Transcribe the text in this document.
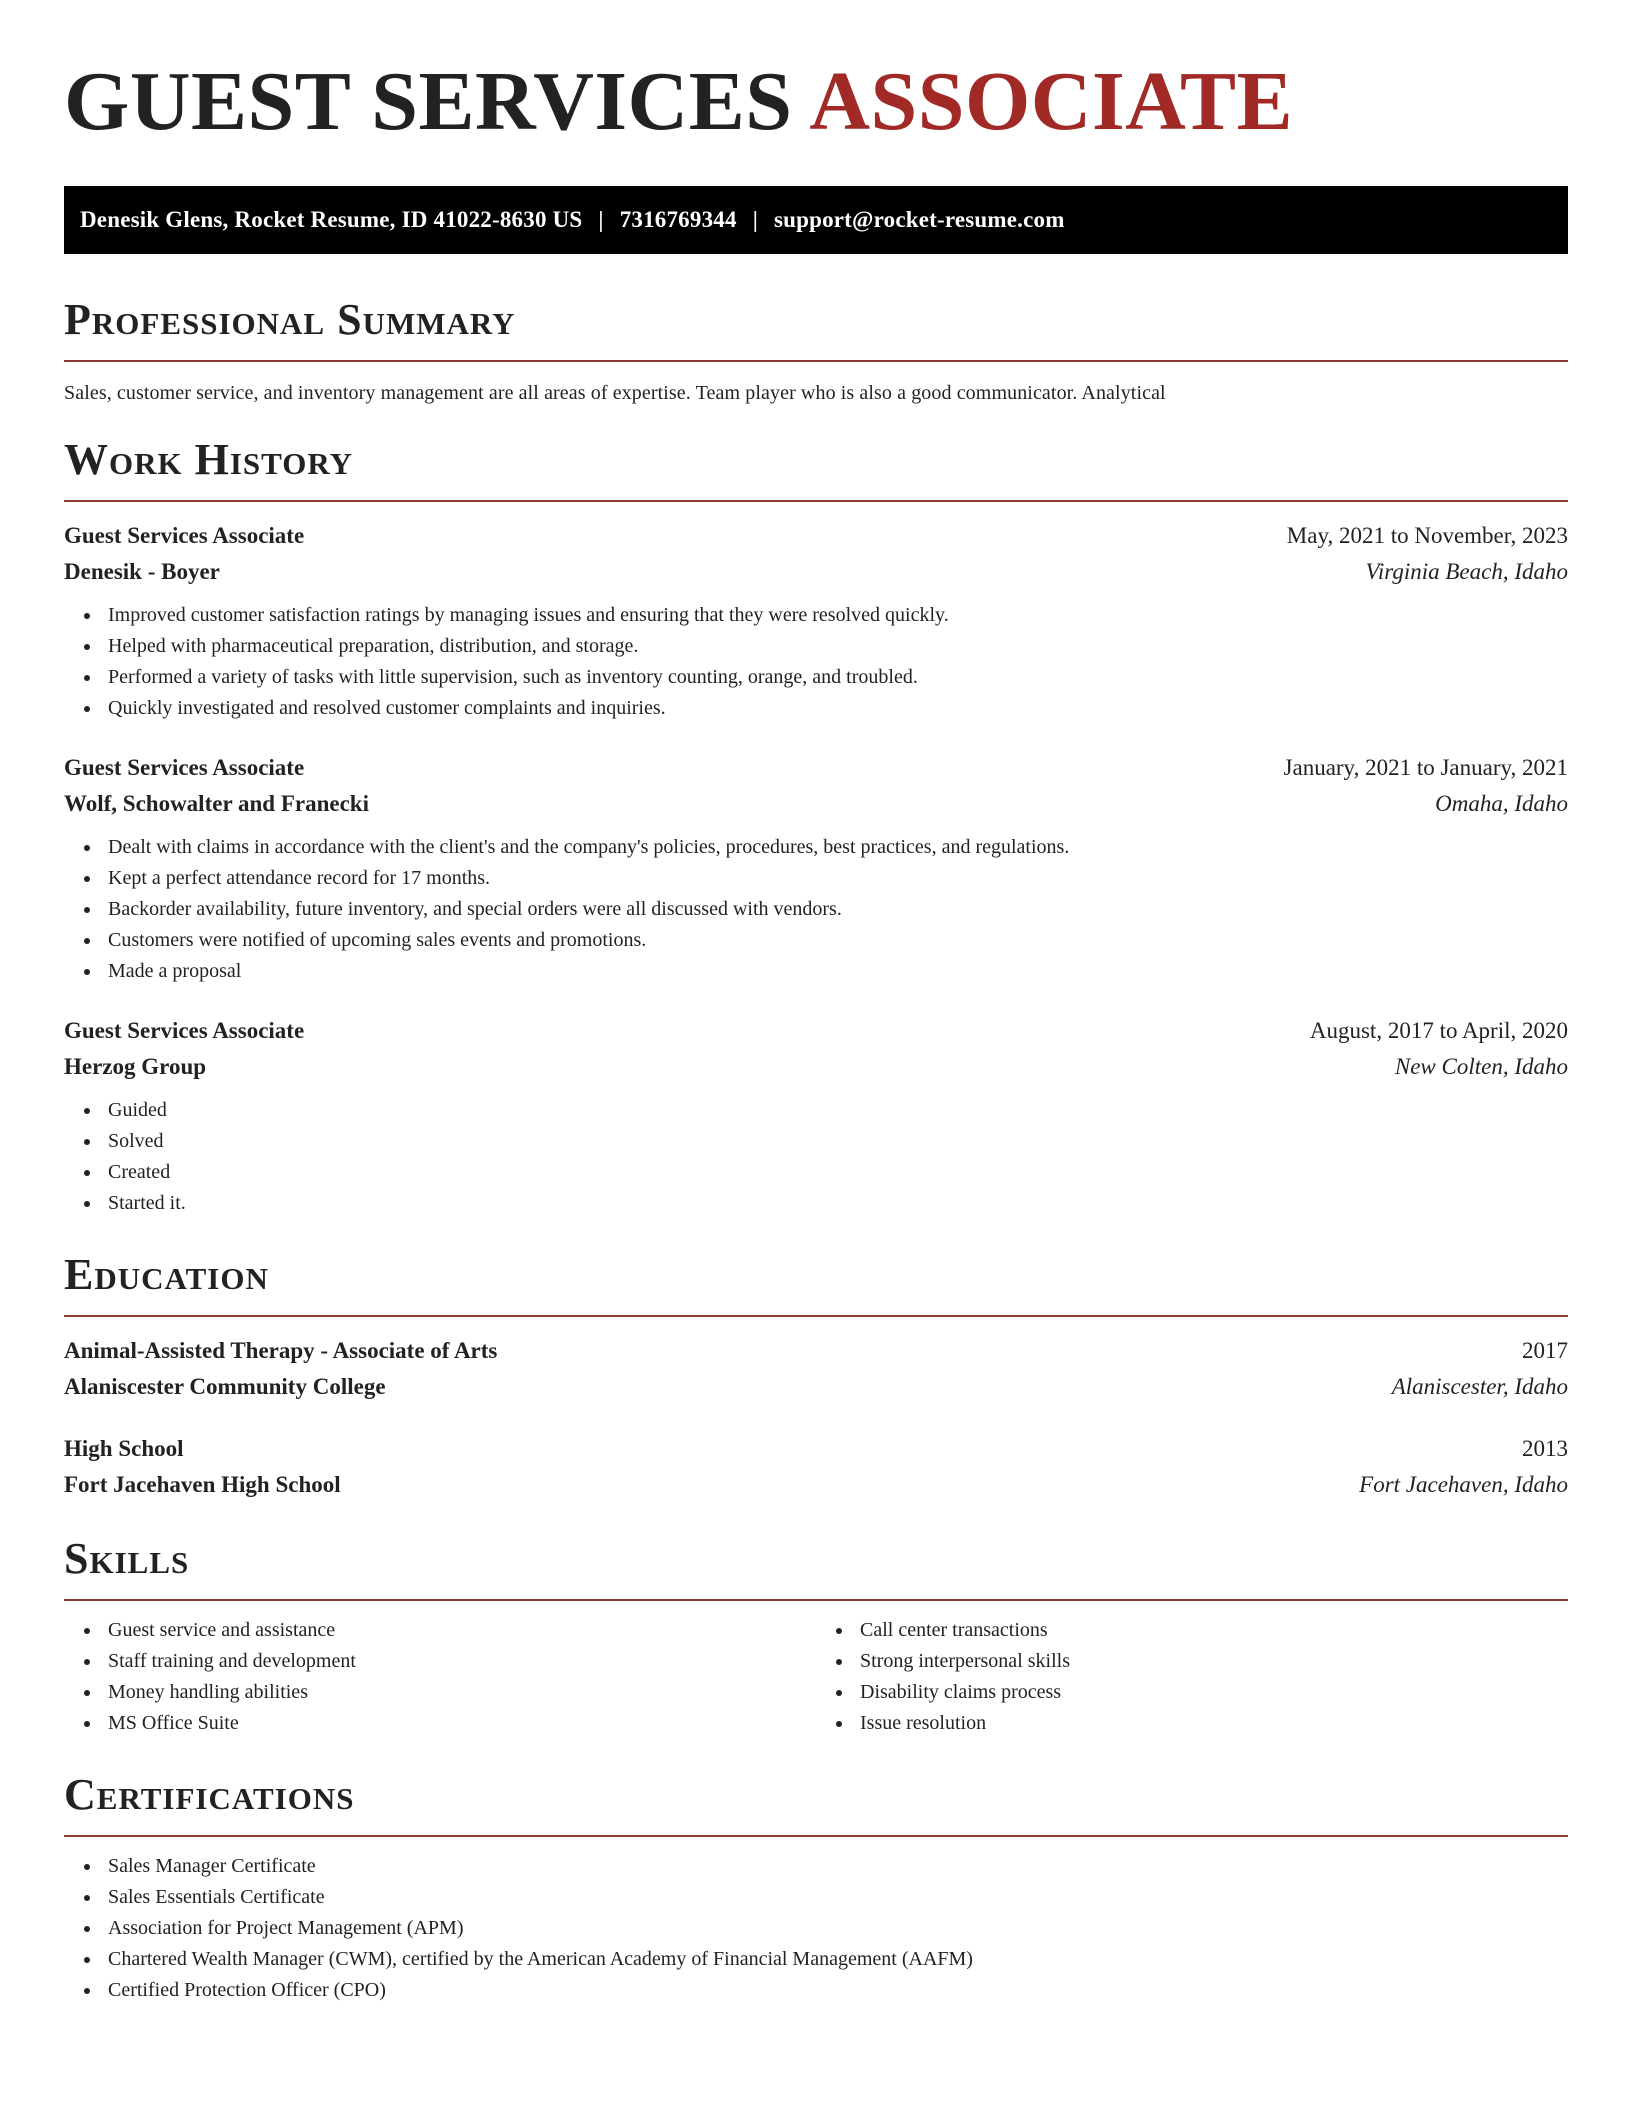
GUEST SERVICES ASSOCIATE
Denesik Glens, Rocket Resume, ID 41022-8630 US | 7316769344 | support@rocket-resume.com
Professional Summary
Sales, customer service, and inventory management are all areas of expertise. Team player who is also a good communicator. Analytical
Work History
Guest Services Associate	May, 2021 to November, 2023
Denesik - Boyer	Virginia Beach, Idaho
Improved customer satisfaction ratings by managing issues and ensuring that they were resolved quickly.
Helped with pharmaceutical preparation, distribution, and storage.
Performed a variety of tasks with little supervision, such as inventory counting, orange, and troubled.
Quickly investigated and resolved customer complaints and inquiries.
Guest Services Associate	January, 2021 to January, 2021
Wolf, Schowalter and Franecki	Omaha, Idaho
Dealt with claims in accordance with the client's and the company's policies, procedures, best practices, and regulations.
Kept a perfect attendance record for 17 months.
Backorder availability, future inventory, and special orders were all discussed with vendors.
Customers were notified of upcoming sales events and promotions.
Made a proposal
Guest Services Associate	August, 2017 to April, 2020
Herzog Group	New Colten, Idaho
Guided
Solved
Created
Started it.
Education
Animal-Assisted Therapy - Associate of Arts	2017
Alaniscester Community College	Alaniscester, Idaho
High School	2013
Fort Jacehaven High School	Fort Jacehaven, Idaho
Skills
Guest service and assistance
Staff training and development
Money handling abilities
MS Office Suite
Call center transactions
Strong interpersonal skills
Disability claims process
Issue resolution
Certifications
Sales Manager Certificate
Sales Essentials Certificate
Association for Project Management (APM)
Chartered Wealth Manager (CWM), certified by the American Academy of Financial Management (AAFM)
Certified Protection Officer (CPO)
